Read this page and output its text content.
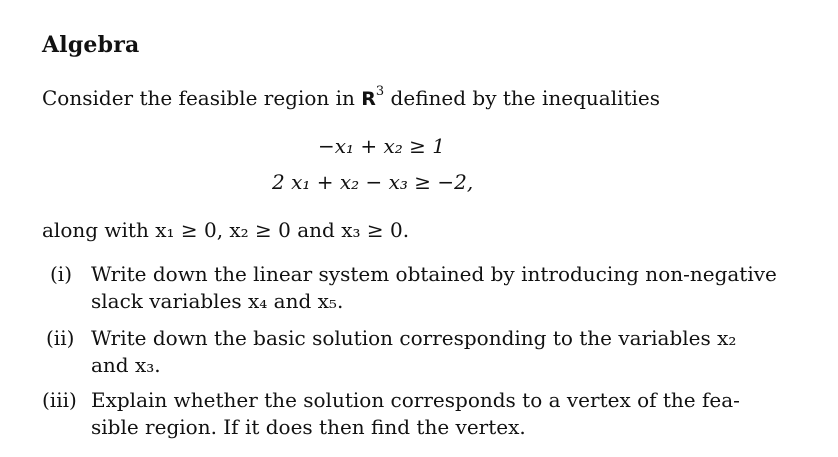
Algebra
Consider the feasible region in $R^3$ defined by the inequalities
−x₁ + x₂ ≥ 1
2 x₁ + x₂ − x₃ ≥ −2,
along with x₁ ≥ 0, x₂ ≥ 0 and x₃ ≥ 0.
(i) Write down the linear system obtained by introducing non-negative
slack variables x₄ and x₅.
(ii) Write down the basic solution corresponding to the variables x₂
and x₃.
(iii) Explain whether the solution corresponds to a vertex of the fea-
sible region. If it does then find the vertex.
